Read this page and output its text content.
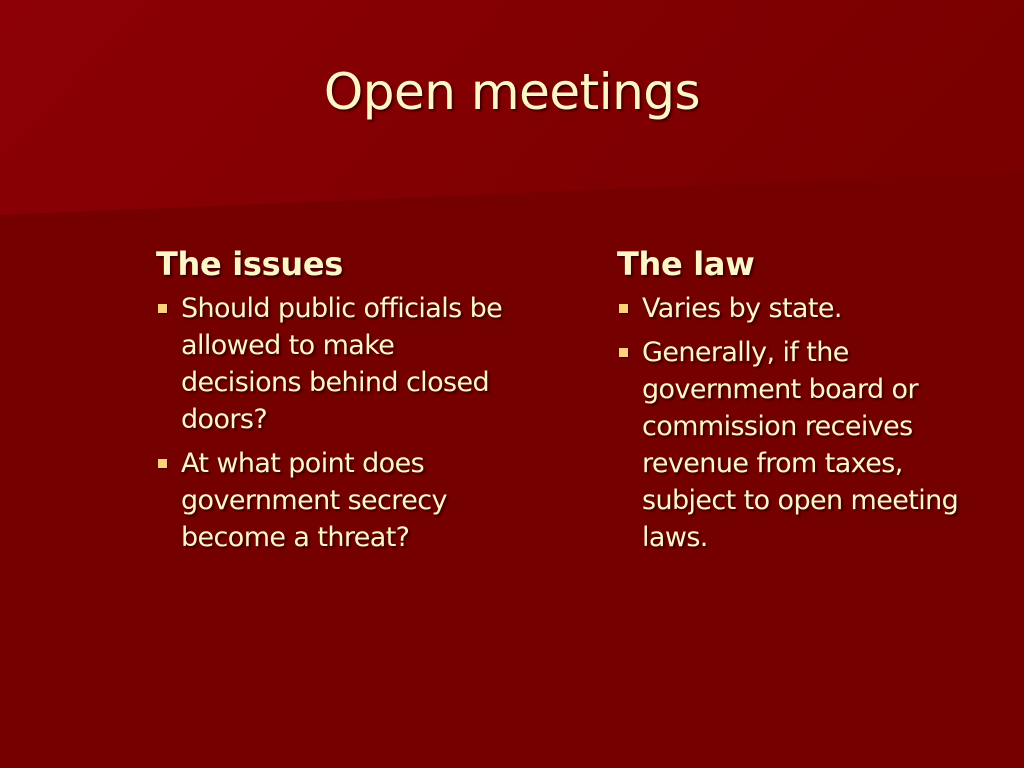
Open meetings
The issues
Should public officials be allowed to make decisions behind closed doors?
At what point does government secrecy become a threat?
The law
Varies by state.
Generally, if the government board or commission receives revenue from taxes, subject to open meeting laws.
